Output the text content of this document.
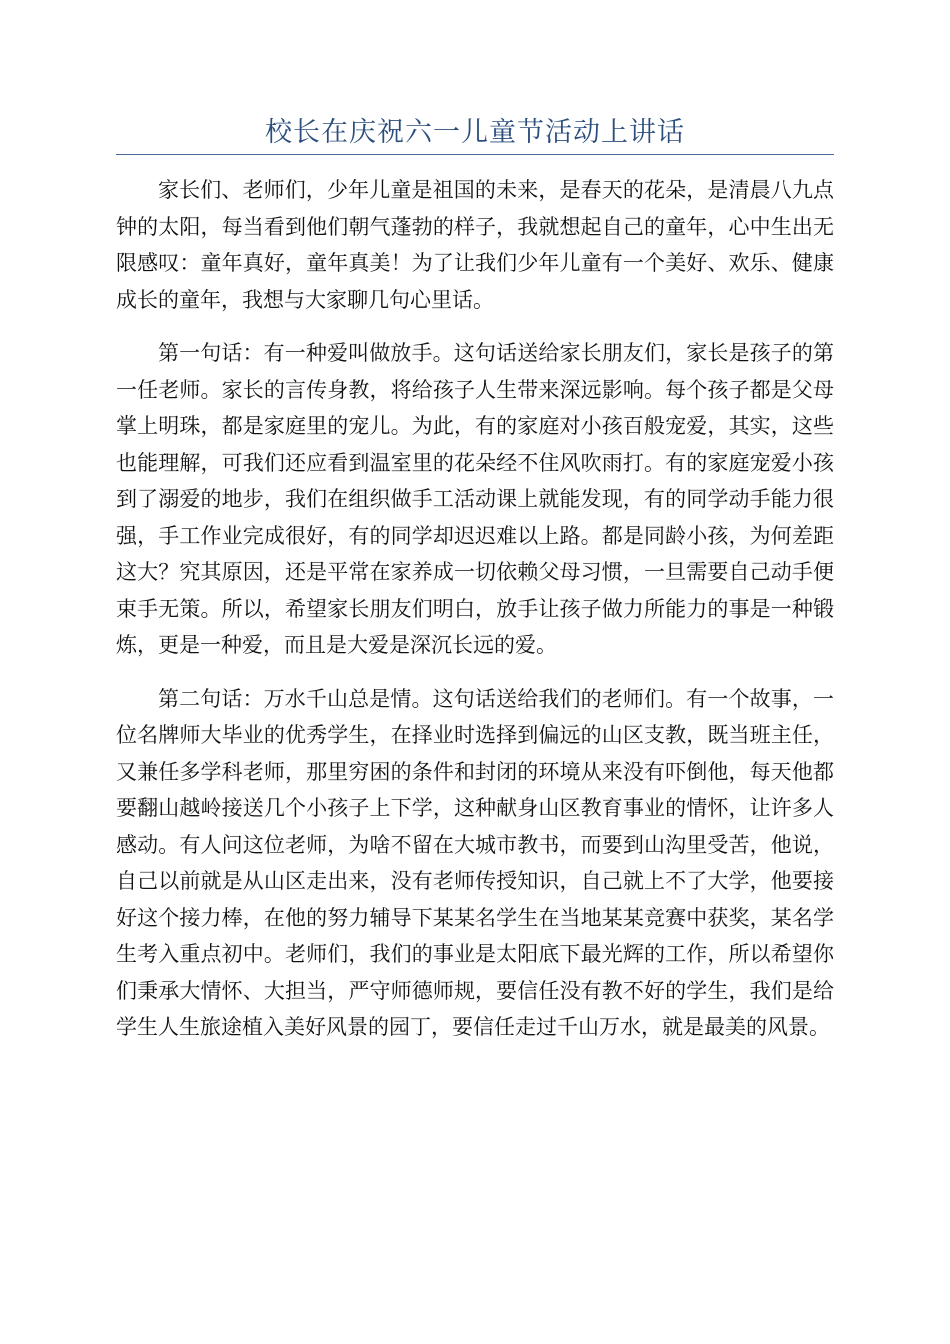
校长在庆祝六一儿童节活动上讲话

家长们、老师们，少年儿童是祖国的未来，是春天的花朵，是清晨八九点钟的太阳，每当看到他们朝气蓬勃的样子，我就想起自己的童年，心中生出无限感叹：童年真好，童年真美！为了让我们少年儿童有一个美好、欢乐、健康成长的童年，我想与大家聊几句心里话。

第一句话：有一种爱叫做放手。这句话送给家长朋友们，家长是孩子的第一任老师。家长的言传身教，将给孩子人生带来深远影响。每个孩子都是父母掌上明珠，都是家庭里的宠儿。为此，有的家庭对小孩百般宠爱，其实，这些也能理解，可我们还应看到温室里的花朵经不住风吹雨打。有的家庭宠爱小孩到了溺爱的地步，我们在组织做手工活动课上就能发现，有的同学动手能力很强，手工作业完成很好，有的同学却迟迟难以上路。都是同龄小孩，为何差距这大？究其原因，还是平常在家养成一切依赖父母习惯，一旦需要自己动手便束手无策。所以，希望家长朋友们明白，放手让孩子做力所能力的事是一种锻炼，更是一种爱，而且是大爱是深沉长远的爱。

第二句话：万水千山总是情。这句话送给我们的老师们。有一个故事，一位名牌师大毕业的优秀学生，在择业时选择到偏远的山区支教，既当班主任，又兼任多学科老师，那里穷困的条件和封闭的环境从来没有吓倒他，每天他都要翻山越岭接送几个小孩子上下学，这种献身山区教育事业的情怀，让许多人感动。有人问这位老师，为啥不留在大城市教书，而要到山沟里受苦，他说，自己以前就是从山区走出来，没有老师传授知识，自己就上不了大学，他要接好这个接力棒，在他的努力辅导下某某名学生在当地某某竞赛中获奖，某名学生考入重点初中。老师们，我们的事业是太阳底下最光辉的工作，所以希望你们秉承大情怀、大担当，严守师德师规，要信任没有教不好的学生，我们是给学生人生旅途植入美好风景的园丁，要信任走过千山万水，就是最美的风景。
